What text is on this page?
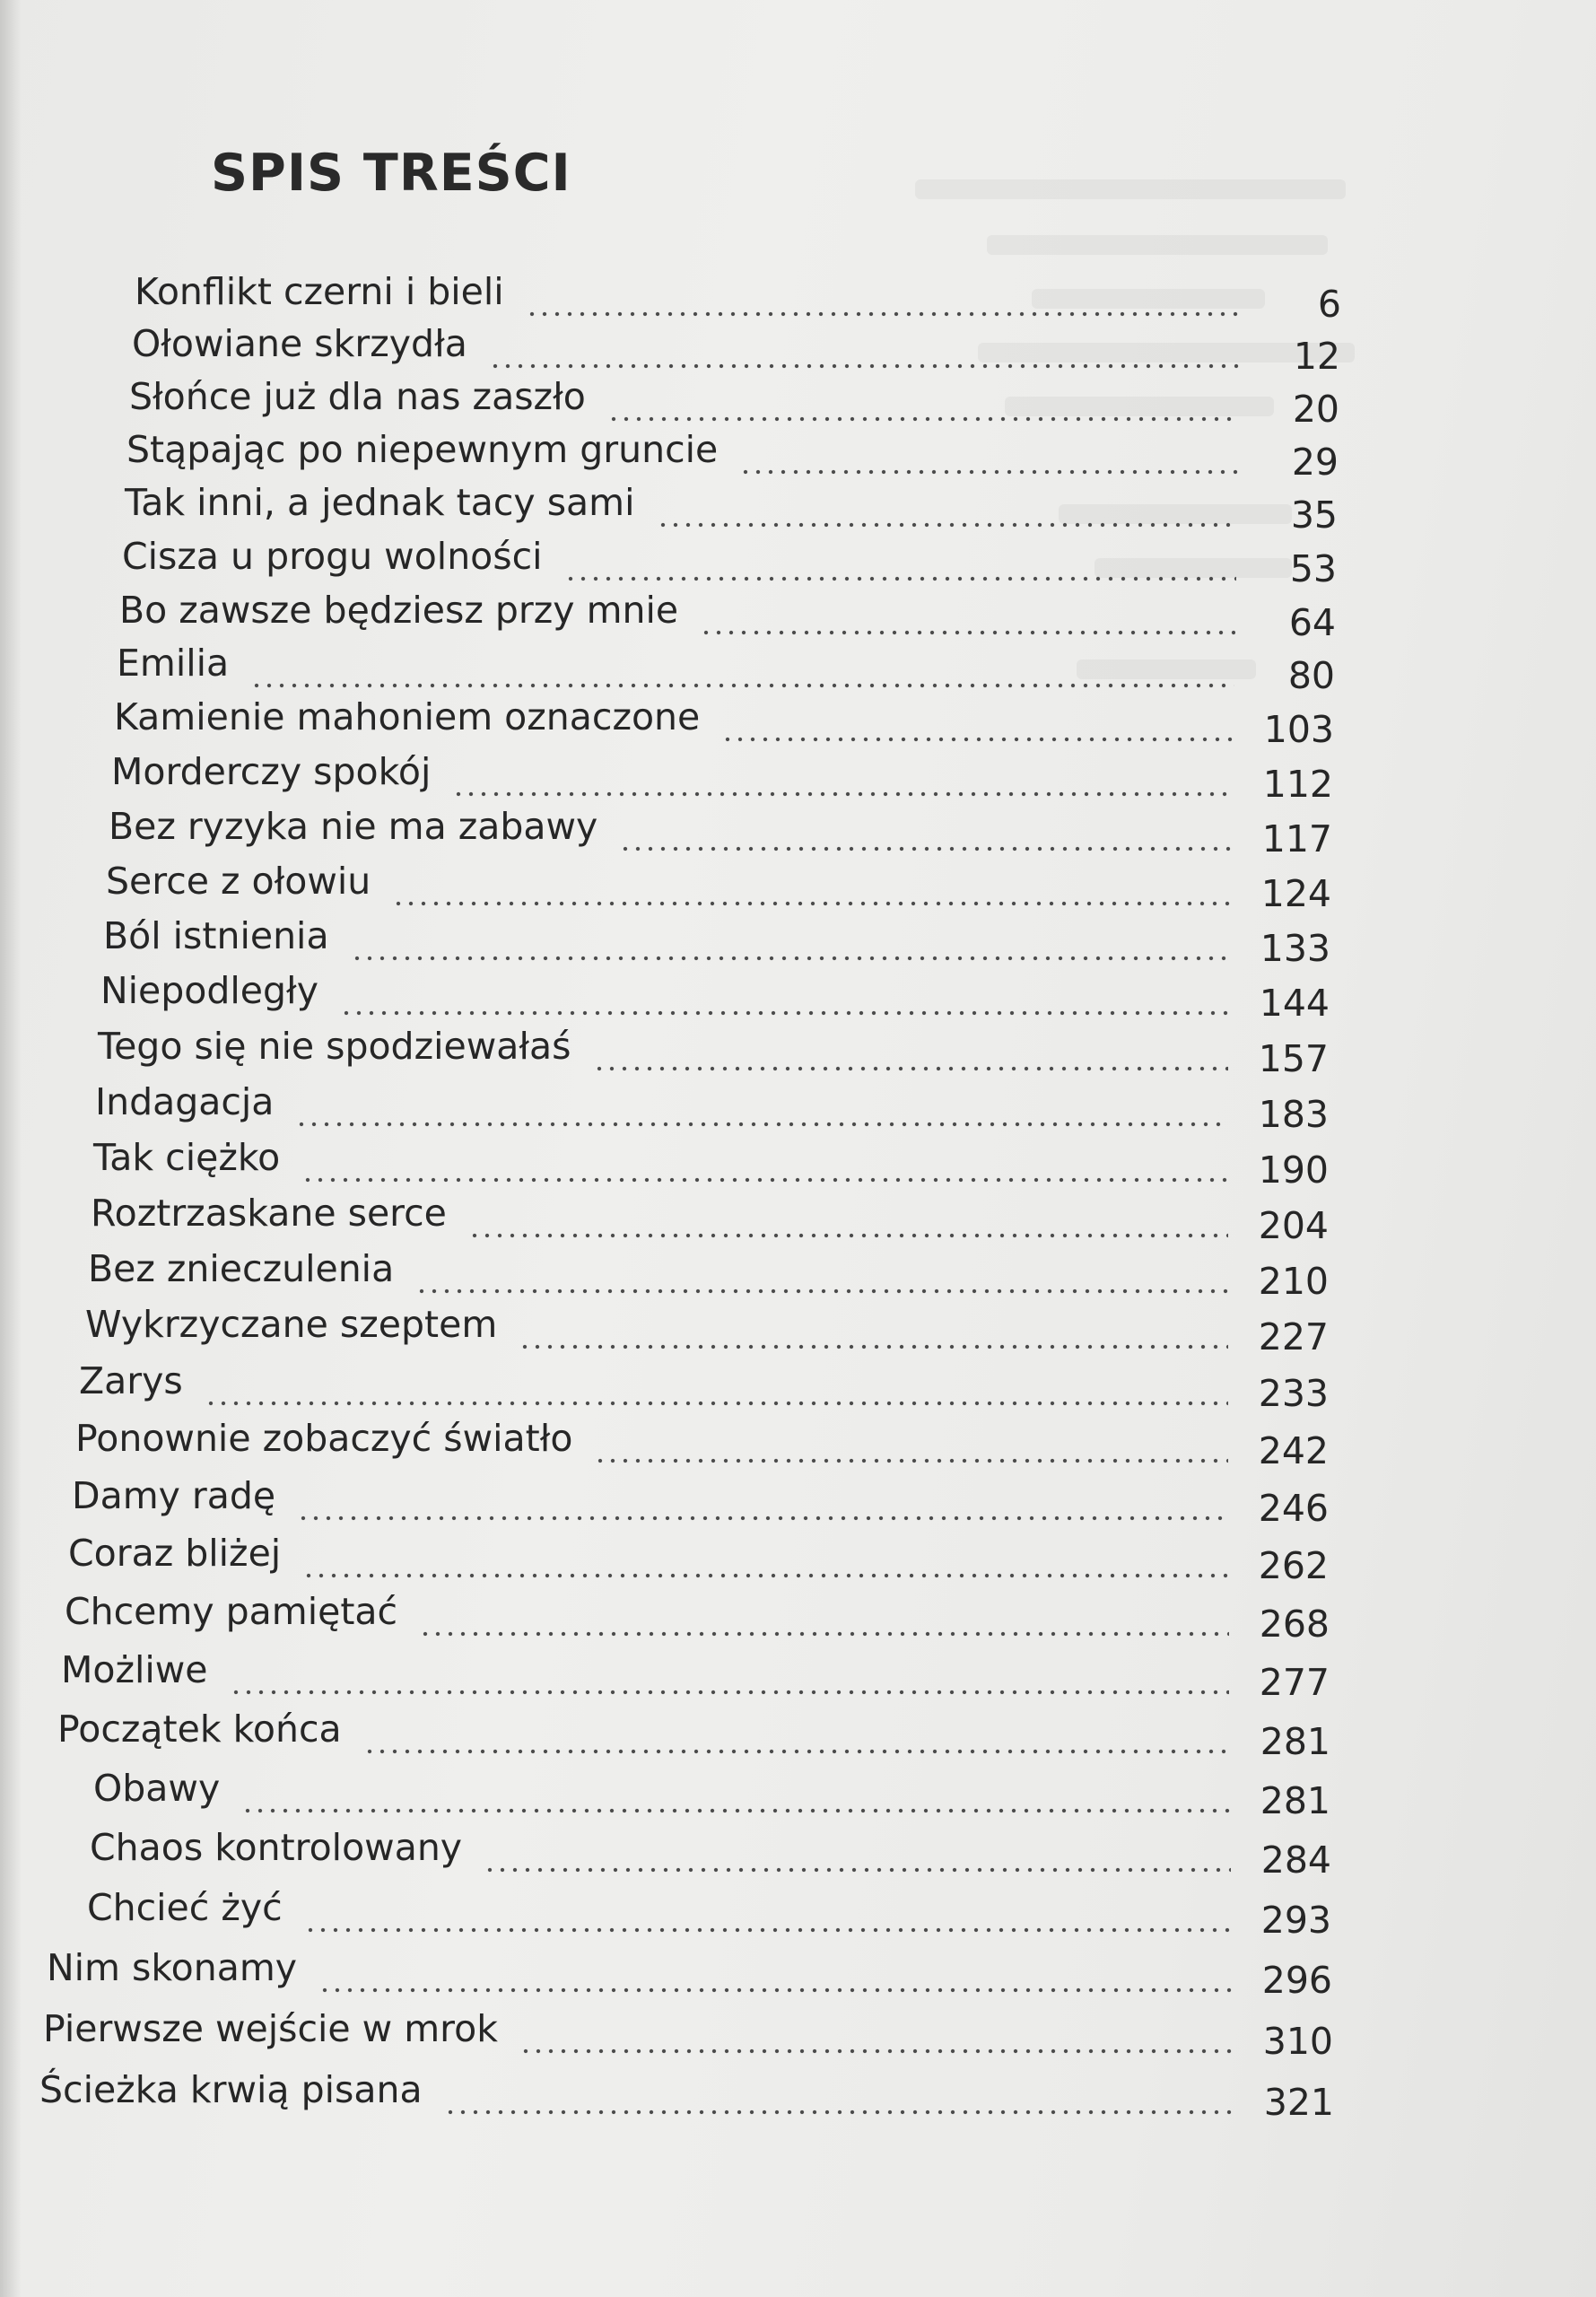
SPIS TREŚCI
Konflikt czerni i bieli	6
Ołowiane skrzydła	12
Słońce już dla nas zaszło	20
Stąpając po niepewnym gruncie	29
Tak inni, a jednak tacy sami	35
Cisza u progu wolności	53
Bo zawsze będziesz przy mnie	64
Emilia	80
Kamienie mahoniem oznaczone	103
Morderczy spokój	112
Bez ryzyka nie ma zabawy	117
Serce z ołowiu	124
Ból istnienia	133
Niepodległy	144
Tego się nie spodziewałaś	157
Indagacja	183
Tak ciężko	190
Roztrzaskane serce	204
Bez znieczulenia	210
Wykrzyczane szeptem	227
Zarys	233
Ponownie zobaczyć światło	242
Damy radę	246
Coraz bliżej	262
Chcemy pamiętać	268
Możliwe	277
Początek końca	281
Obawy	281
Chaos kontrolowany	284
Chcieć żyć	293
Nim skonamy	296
Pierwsze wejście w mrok	310
Ścieżka krwią pisana	321
